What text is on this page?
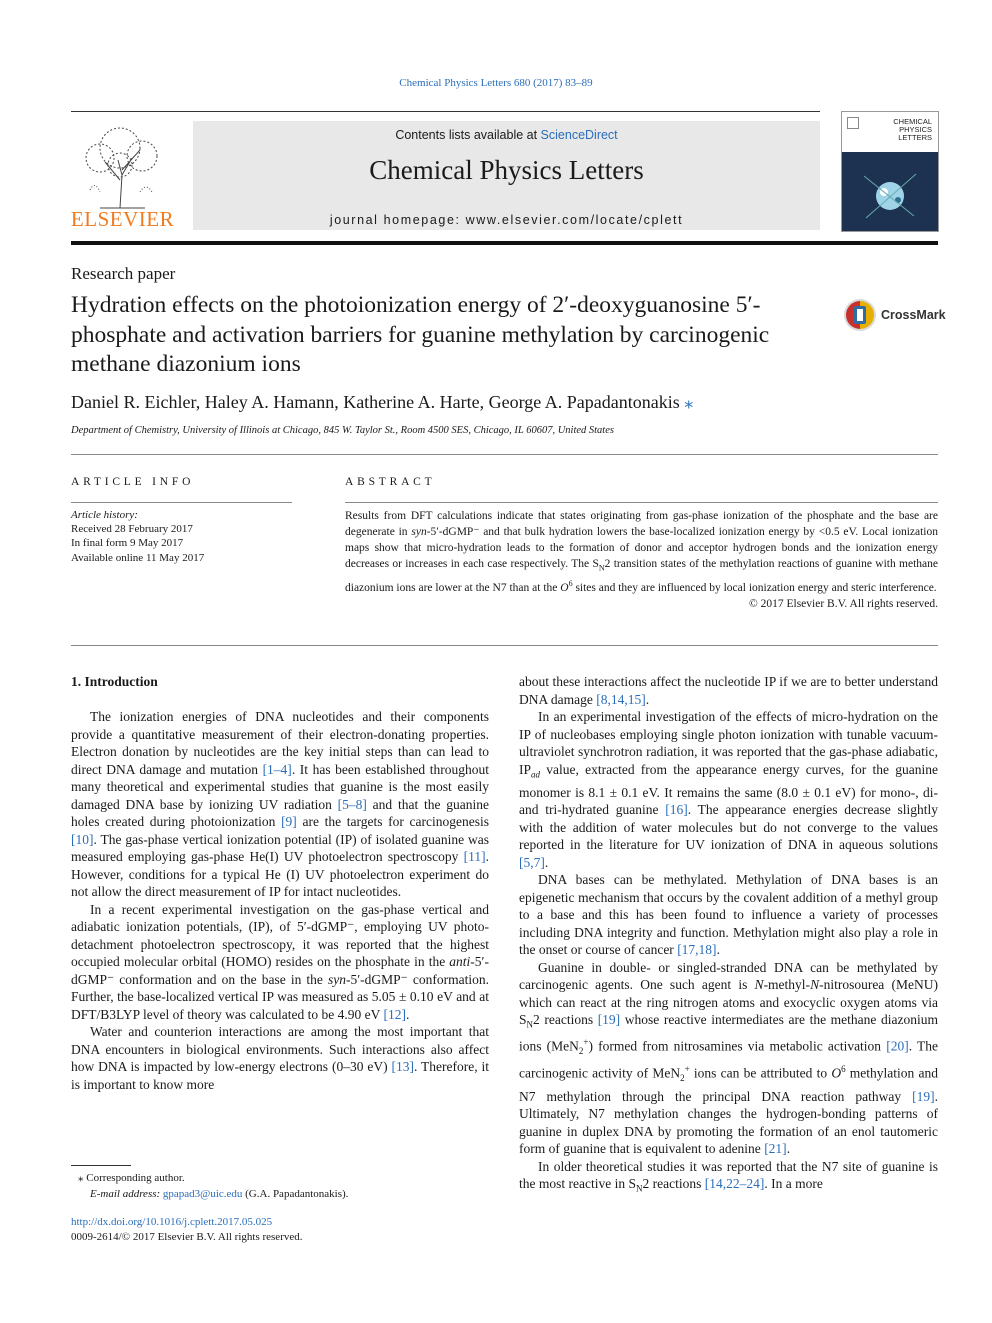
Chemical Physics Letters 680 (2017) 83–89
ELSEVIER
Contents lists available at ScienceDirect
Chemical Physics Letters
journal homepage: www.elsevier.com/locate/cplett
CHEMICAL
PHYSICS
LETTERS
Research paper
Hydration effects on the photoionization energy of 2′-deoxyguanosine 5′-phosphate and activation barriers for guanine methylation by carcinogenic methane diazonium ions
CrossMark
Daniel R. Eichler, Haley A. Hamann, Katherine A. Harte, George A. Papadantonakis ⁎
Department of Chemistry, University of Illinois at Chicago, 845 W. Taylor St., Room 4500 SES, Chicago, IL 60607, United States
ARTICLE INFO	ABSTRACT
Article history:
Received 28 February 2017
In final form 9 May 2017
Available online 11 May 2017
Results from DFT calculations indicate that states originating from gas-phase ionization of the phosphate and the base are degenerate in syn-5′-dGMP⁻ and that bulk hydration lowers the base-localized ionization energy by <0.5 eV. Local ionization maps show that micro-hydration leads to the formation of donor and acceptor hydrogen bonds and the ionization energy decreases or increases in each case respectively. The $S_N2$ transition states of the methylation reactions of guanine with methane diazonium ions are lower at the N7 than at the $O^6$ sites and they are influenced by local ionization energy and steric interference.
© 2017 Elsevier B.V. All rights reserved.
1. Introduction

The ionization energies of DNA nucleotides and their components provide a quantitative measurement of their electron-donating properties. Electron donation by nucleotides are the key initial steps than can lead to direct DNA damage and mutation [1–4]. It has been established throughout many theoretical and experimental studies that guanine is the most easily damaged DNA base by ionizing UV radiation [5–8] and that the guanine holes created during photoionization [9] are the targets for carcinogenesis [10]. The gas-phase vertical ionization potential (IP) of isolated guanine was measured employing gas-phase He(I) UV photoelectron spectroscopy [11]. However, conditions for a typical He (I) UV photoelectron experiment do not allow the direct measurement of IP for intact nucleotides.

In a recent experimental investigation on the gas-phase vertical and adiabatic ionization potentials, (IP), of 5′-dGMP⁻, employing UV photo-detachment photoelectron spectroscopy, it was reported that the highest occupied molecular orbital (HOMO) resides on the phosphate in the anti-5′-dGMP⁻ conformation and on the base in the syn-5′-dGMP⁻ conformation. Further, the base-localized vertical IP was measured as 5.05 ± 0.10 eV and at DFT/B3LYP level of theory was calculated to be 4.90 eV [12].

Water and counterion interactions are among the most important that DNA encounters in biological environments. Such interactions also affect how DNA is impacted by low-energy electrons (0–30 eV) [13]. Therefore, it is important to know more

about these interactions affect the nucleotide IP if we are to better understand DNA damage [8,14,15].

In an experimental investigation of the effects of micro-hydration on the IP of nucleobases employing single photon ionization with tunable vacuum-ultraviolet synchrotron radiation, it was reported that the gas-phase adiabatic, $IP_{ad}$ value, extracted from the appearance energy curves, for the guanine monomer is 8.1 ± 0.1 eV. It remains the same (8.0 ± 0.1 eV) for mono-, di- and tri-hydrated guanine [16]. The appearance energies decrease slightly with the addition of water molecules but do not converge to the values reported in the literature for UV ionization of DNA in aqueous solutions [5,7].

DNA bases can be methylated. Methylation of DNA bases is an epigenetic mechanism that occurs by the covalent addition of a methyl group to a base and this has been found to influence a variety of processes including DNA integrity and function. Methylation might also play a role in the onset or course of cancer [17,18].

Guanine in double- or singled-stranded DNA can be methylated by carcinogenic agents. One such agent is N-methyl-N-nitrosourea (MeNU) which can react at the ring nitrogen atoms and exocyclic oxygen atoms via $S_N2$ reactions [19] whose reactive intermediates are the methane diazonium ions (MeN$_2$+) formed from nitrosamines via metabolic activation [20]. The carcinogenic activity of MeN$_2$+ ions can be attributed to $O^6$ methylation and N7 methylation through the principal DNA reaction pathway [19]. Ultimately, N7 methylation changes the hydrogen-bonding patterns of guanine in duplex DNA by promoting the formation of an enol tautomeric form of guanine that is equivalent to adenine [21].

In older theoretical studies it was reported that the N7 site of guanine is the most reactive in $S_N2$ reactions [14,22–24]. In a more

⁎ Corresponding author.
E-mail address: gpapad3@uic.edu (G.A. Papadantonakis).
http://dx.doi.org/10.1016/j.cplett.2017.05.025
0009-2614/© 2017 Elsevier B.V. All rights reserved.
